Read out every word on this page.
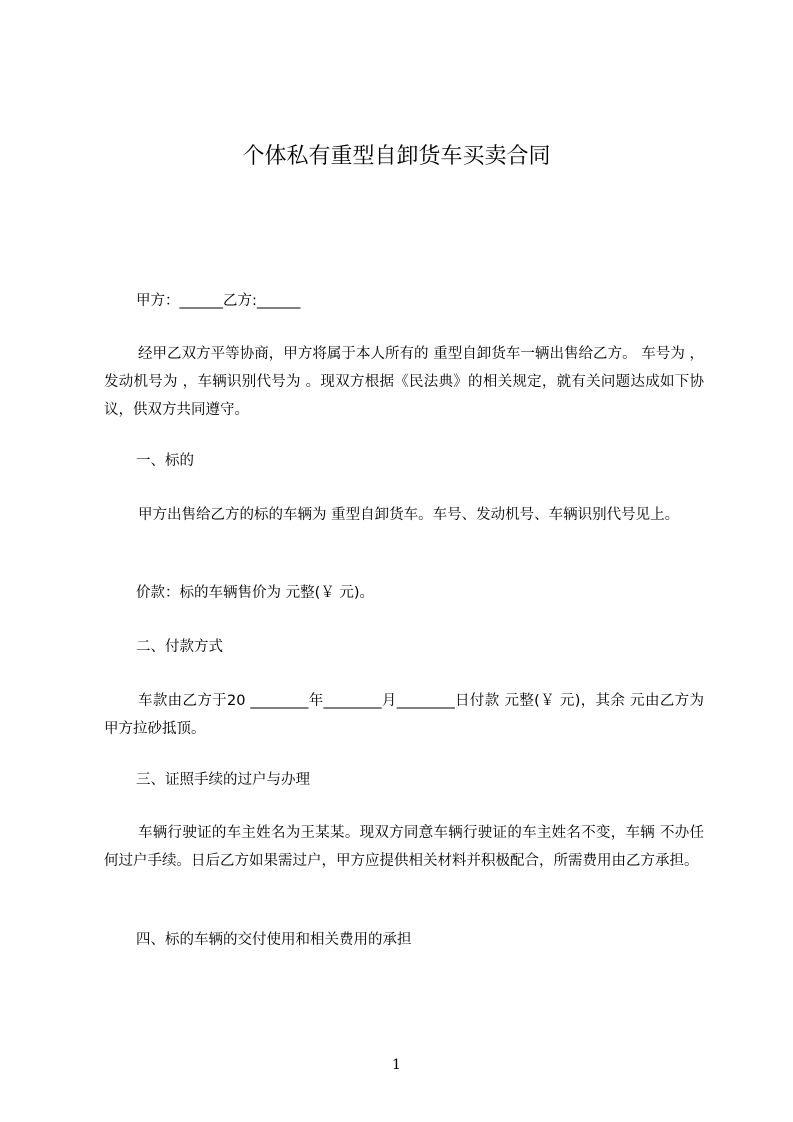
个体私有重型自卸货车买卖合同
甲方：______乙方:______
经甲乙双方平等协商，甲方将属于本人所有的 重型自卸货车一辆出售给乙方。 车号为 ，发动机号为 ，车辆识别代号为 。现双方根据《民法典》的相关规定，就有关问题达成如下协议，供双方共同遵守。
一、标的
甲方出售给乙方的标的车辆为 重型自卸货车。车号、发动机号、车辆识别代号见上。
价款：标的车辆售价为 元整(￥ 元)。
二、付款方式
车款由乙方于20 ________年________月________日付款 元整(￥ 元)，其余 元由乙方为甲方拉砂抵顶。
三、证照手续的过户与办理
车辆行驶证的车主姓名为王某某。现双方同意车辆行驶证的车主姓名不变，车辆 不办任何过户手续。日后乙方如果需过户，甲方应提供相关材料并积极配合，所需费用由乙方承担。
四、标的车辆的交付使用和相关费用的承担
1
